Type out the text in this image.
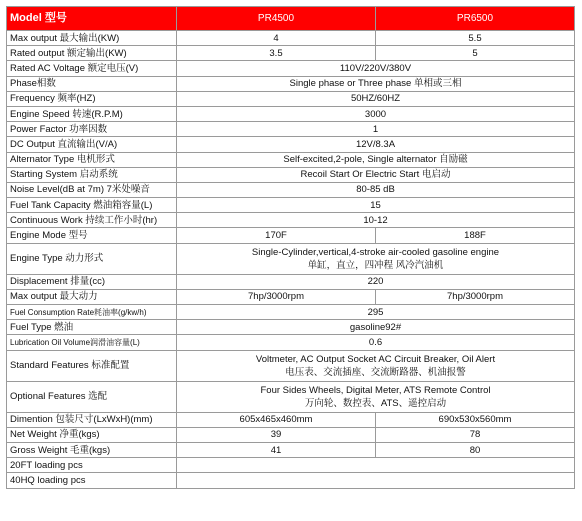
Model 型号	PR4500	PR6500
Max output 最大输出(KW)	4	5.5
Rated output 额定输出(KW)	3.5	5
Rated AC Voltage 额定电压(V)	110V/220V/380V	
Phase相数	Single phase or Three phase 单相或三相	
Frequency 频率(HZ)	50HZ/60HZ	
Engine Speed 转速(R.P.M)	3000	
Power Factor 功率因数	1	
DC Output 直流输出(V/A)	12V/8.3A	
Alternator Type 电机形式	Self-excited,2-pole, Single alternator 自励磁	
Starting System 启动系统	Recoil Start Or Electric Start 电启动	
Noise Level(dB at 7m) 7米处噪音	80-85 dB	
Fuel Tank Capacity 燃油箱容量(L)	15	
Continuous Work 持续工作小时(hr)	10-12	
Engine Mode 型号	170F	188F
Engine Type 动力形式	Single-Cylinder,vertical,4-stroke air-cooled gasoline engine
单缸，直立，四冲程 风冷汽油机	

Displacement 排量(cc)	220	
Max output 最大动力	7hp/3000rpm	7hp/3000rpm
Fuel Consumption Rate耗油率(g/kw/h)	295	
Fuel Type 燃油	gasoline92#	
Lubrication Oil Volume润滑油容量(L)	0.6	
Standard Features 标准配置	Voltmeter, AC Output Socket AC Circuit Breaker, Oil Alert
电压表、交流插座、交流断路器、机油报警	

Optional Features 选配	Four Sides Wheels, Digital Meter, ATS Remote Control
万向轮、数控表、ATS、遥控启动	

Dimention 包装尺寸(LxWxH)(mm)	605x465x460mm	690x530x560mm
Net Weight 净重(kgs)	39	78
Gross Weight 毛重(kgs)	41	80
20FT loading pcs		
40HQ loading pcs		
